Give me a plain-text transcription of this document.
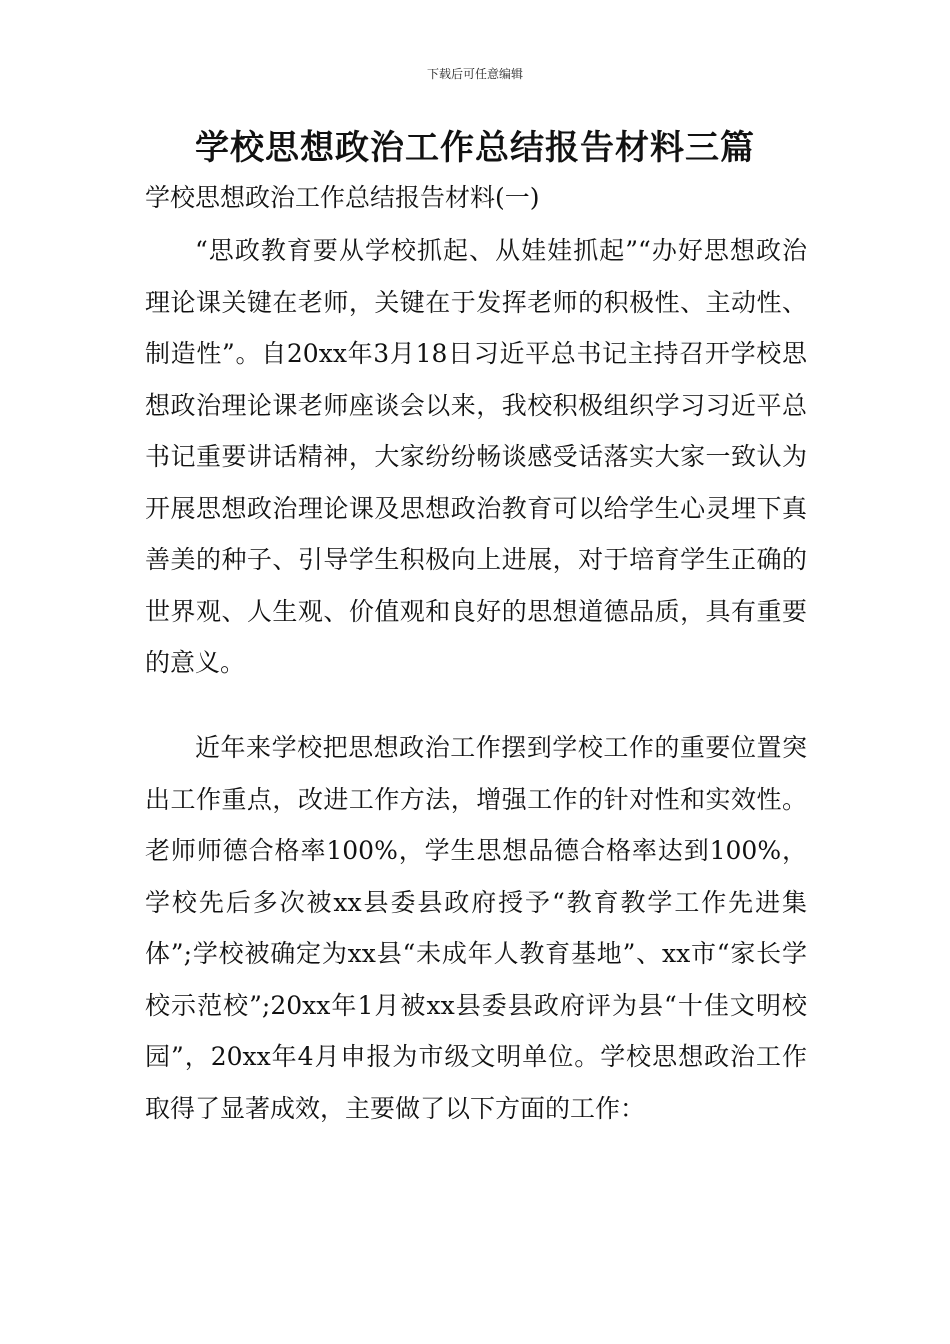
下载后可任意编辑
学校思想政治工作总结报告材料三篇

学校思想政治工作总结报告材料(一)

“思政教育要从学校抓起、从娃娃抓起”“办好思想政治理论课关键在老师，关键在于发挥老师的积极性、主动性、制造性”。自20xx年3月18日习近平总书记主持召开学校思想政治理论课老师座谈会以来，我校积极组织学习习近平总书记重要讲话精神，大家纷纷畅谈感受话落实大家一致认为开展思想政治理论课及思想政治教育可以给学生心灵埋下真善美的种子、引导学生积极向上进展，对于培育学生正确的世界观、人生观、价值观和良好的思想道德品质，具有重要的意义。

近年来学校把思想政治工作摆到学校工作的重要位置突出工作重点，改进工作方法，增强工作的针对性和实效性。老师师德合格率100%，学生思想品德合格率达到100%，学校先后多次被xx县委县政府授予“教育教学工作先进集体”;学校被确定为xx县“未成年人教育基地”、xx市“家长学校示范校”;20xx年1月被xx县委县政府评为县“十佳文明校园”，20xx年4月申报为市级文明单位。学校思想政治工作取得了显著成效，主要做了以下方面的工作：
